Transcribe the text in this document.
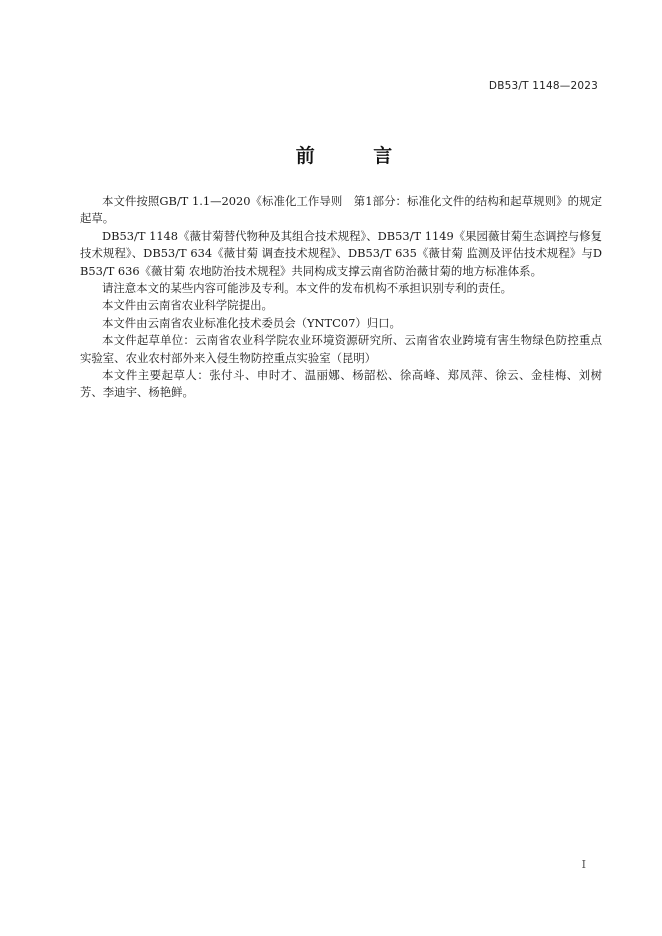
DB53/T 1148—2023
前 言

本文件按照GB/T 1.1—2020《标准化工作导则　第1部分：标准化文件的结构和起草规则》的规定起草。

DB53/T 1148《薇甘菊替代物种及其组合技术规程》、DB53/T 1149《果园薇甘菊生态调控与修复技术规程》、DB53/T 634《薇甘菊 调查技术规程》、DB53/T 635《薇甘菊 监测及评估技术规程》与DB53/T 636《薇甘菊 农地防治技术规程》共同构成支撑云南省防治薇甘菊的地方标准体系。

请注意本文的某些内容可能涉及专利。本文件的发布机构不承担识别专利的责任。

本文件由云南省农业科学院提出。

本文件由云南省农业标准化技术委员会（YNTC07）归口。

本文件起草单位：云南省农业科学院农业环境资源研究所、云南省农业跨境有害生物绿色防控重点实验室、农业农村部外来入侵生物防控重点实验室（昆明）

本文件主要起草人：张付斗、申时才、温丽娜、杨韶松、徐高峰、郑凤萍、徐云、金桂梅、刘树芳、李迪宇、杨艳鲜。

I
